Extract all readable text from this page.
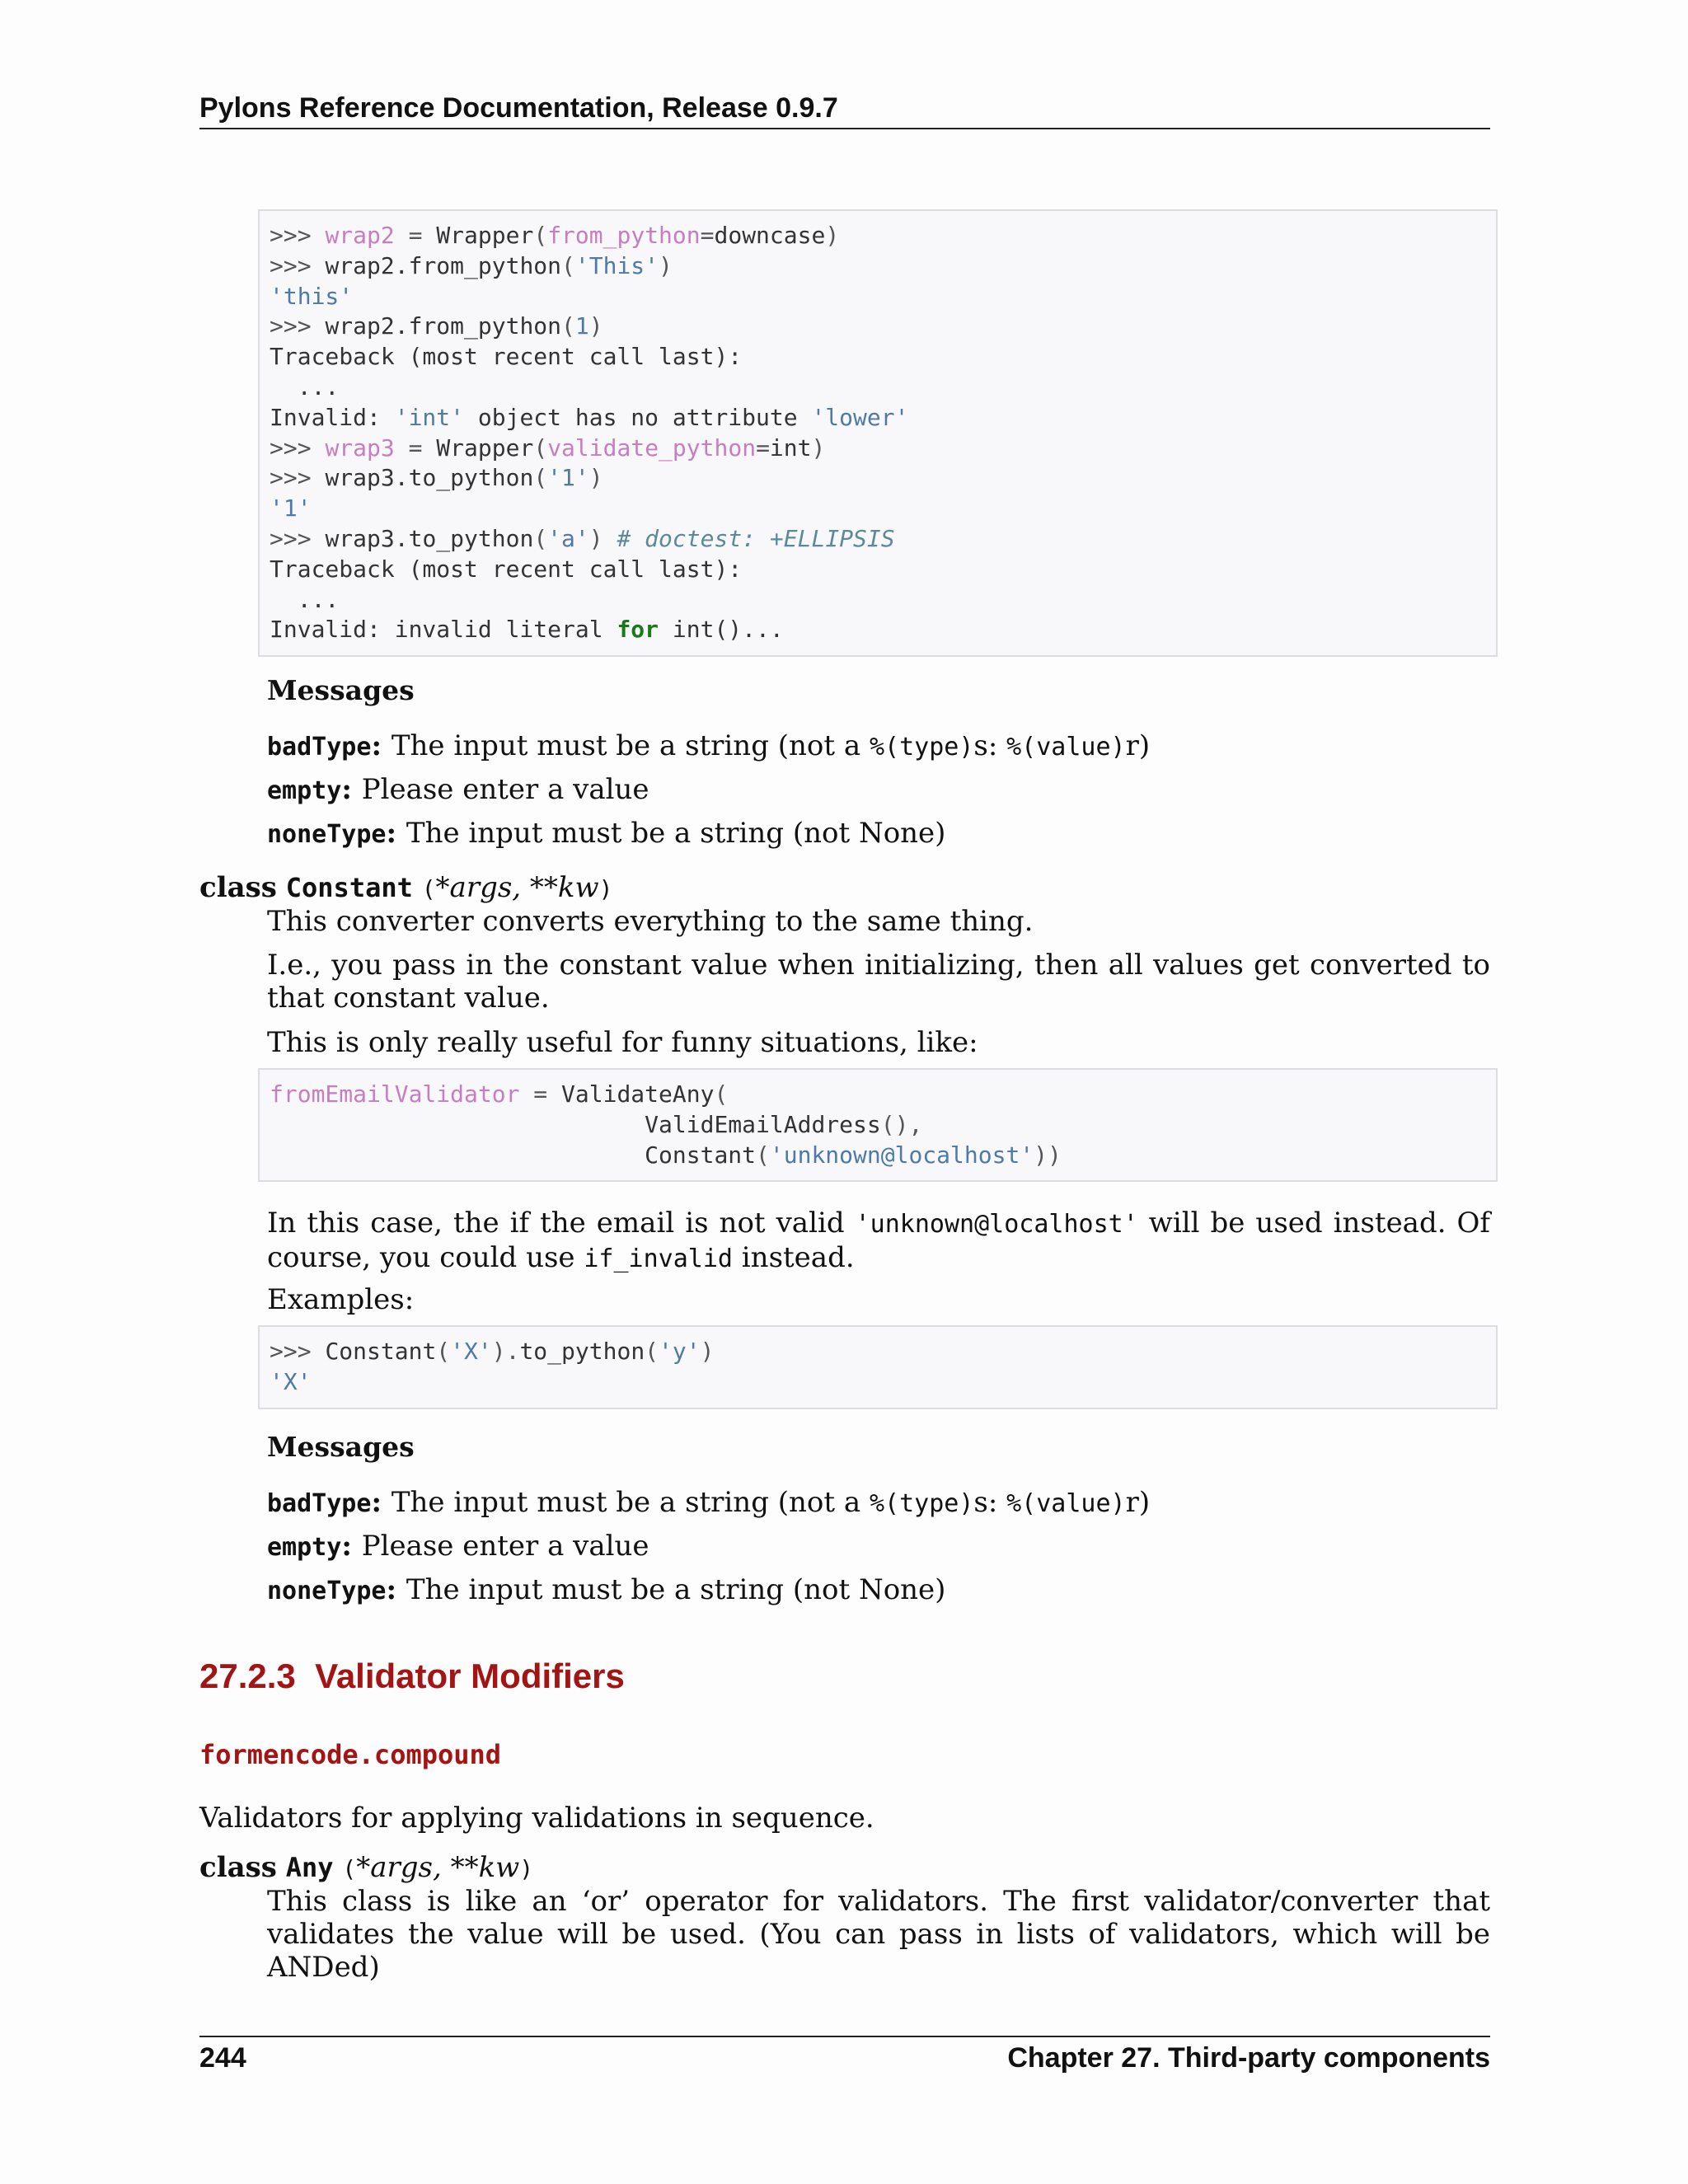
Pylons Reference Documentation, Release 0.9.7
>>> wrap2 = Wrapper(from_python=downcase)
>>> wrap2.from_python('This')
'this'
>>> wrap2.from_python(1)
Traceback (most recent call last):
...
Invalid: 'int' object has no attribute 'lower'
>>> wrap3 = Wrapper(validate_python=int)
>>> wrap3.to_python('1')
'1'
>>> wrap3.to_python('a') # doctest: +ELLIPSIS
Traceback (most recent call last):
...
Invalid: invalid literal for int()...
Messages
badType: The input must be a string (not a %(type)s: %(value)r)
empty: Please enter a value
noneType: The input must be a string (not None)
class Constant (*args, **kw)
This converter converts everything to the same thing.
I.e., you pass in the constant value when initializing, then all values get converted to that constant value.
This is only really useful for funny situations, like:
fromEmailValidator = ValidateAny(
ValidEmailAddress(),
Constant('unknown@localhost'))
In this case, the if the email is not valid 'unknown@localhost' will be used instead. Of course, you could use if_invalid instead.
Examples:
>>> Constant('X').to_python('y')
'X'
Messages
badType: The input must be a string (not a %(type)s: %(value)r)
empty: Please enter a value
noneType: The input must be a string (not None)
27.2.3 Validator Modifiers
formencode.compound
Validators for applying validations in sequence.
class Any (*args, **kw)
This class is like an ‘or’ operator for validators. The first validator/converter that validates the value will be used. (You can pass in lists of validators, which will be ANDed)
244	Chapter 27. Third-party components
